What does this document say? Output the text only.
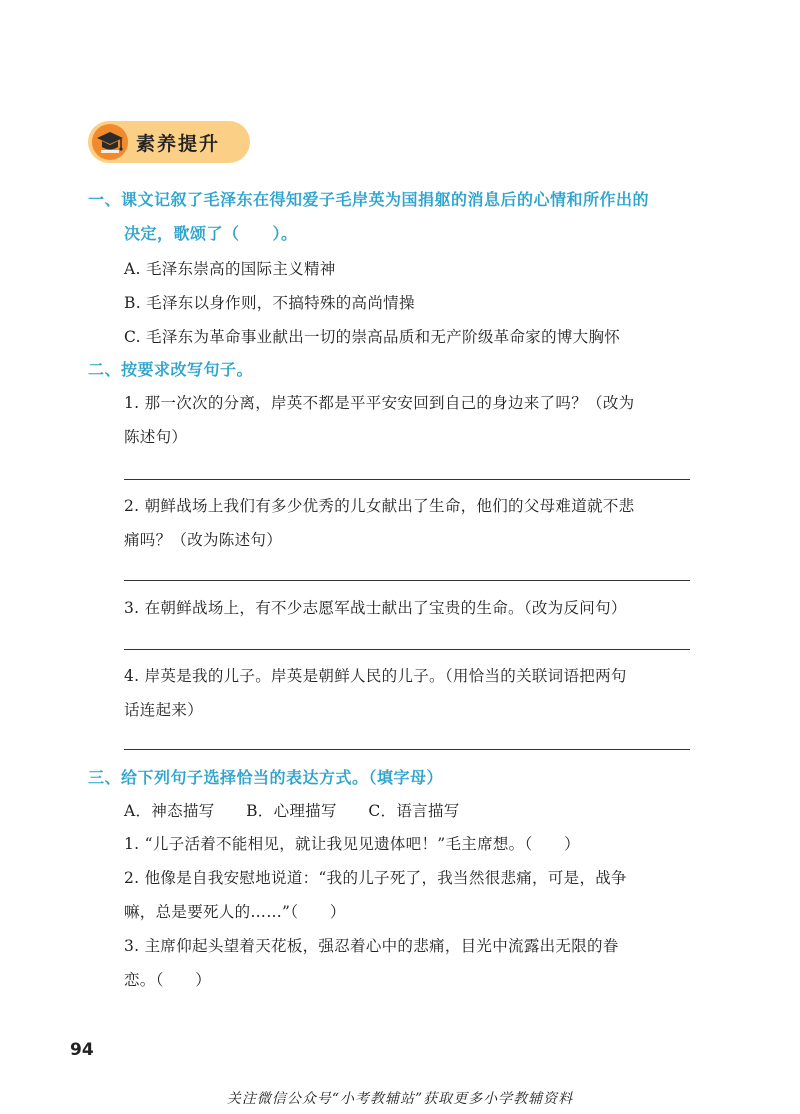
素养提升
一、课文记叙了毛泽东在得知爱子毛岸英为国捐躯的消息后的心情和所作出的
决定，歌颂了（　　）。
A. 毛泽东崇高的国际主义精神
B. 毛泽东以身作则，不搞特殊的高尚情操
C. 毛泽东为革命事业献出一切的崇高品质和无产阶级革命家的博大胸怀
二、按要求改写句子。
1. 那一次次的分离，岸英不都是平平安安回到自己的身边来了吗？（改为
陈述句）
2. 朝鲜战场上我们有多少优秀的儿女献出了生命，他们的父母难道就不悲
痛吗？（改为陈述句）
3. 在朝鲜战场上，有不少志愿军战士献出了宝贵的生命。（改为反问句）
4. 岸英是我的儿子。岸英是朝鲜人民的儿子。（用恰当的关联词语把两句
话连起来）
三、给下列句子选择恰当的表达方式。（填字母）
A．神态描写　　B．心理描写　　C．语言描写
1. “儿子活着不能相见，就让我见见遗体吧！”毛主席想。（　　）
2. 他像是自我安慰地说道：“我的儿子死了，我当然很悲痛，可是，战争
嘛，总是要死人的……”（　　）
3. 主席仰起头望着天花板，强忍着心中的悲痛，目光中流露出无限的眷
恋。（　　）
94
关注微信公众号“小考教辅站”获取更多小学教辅资料
